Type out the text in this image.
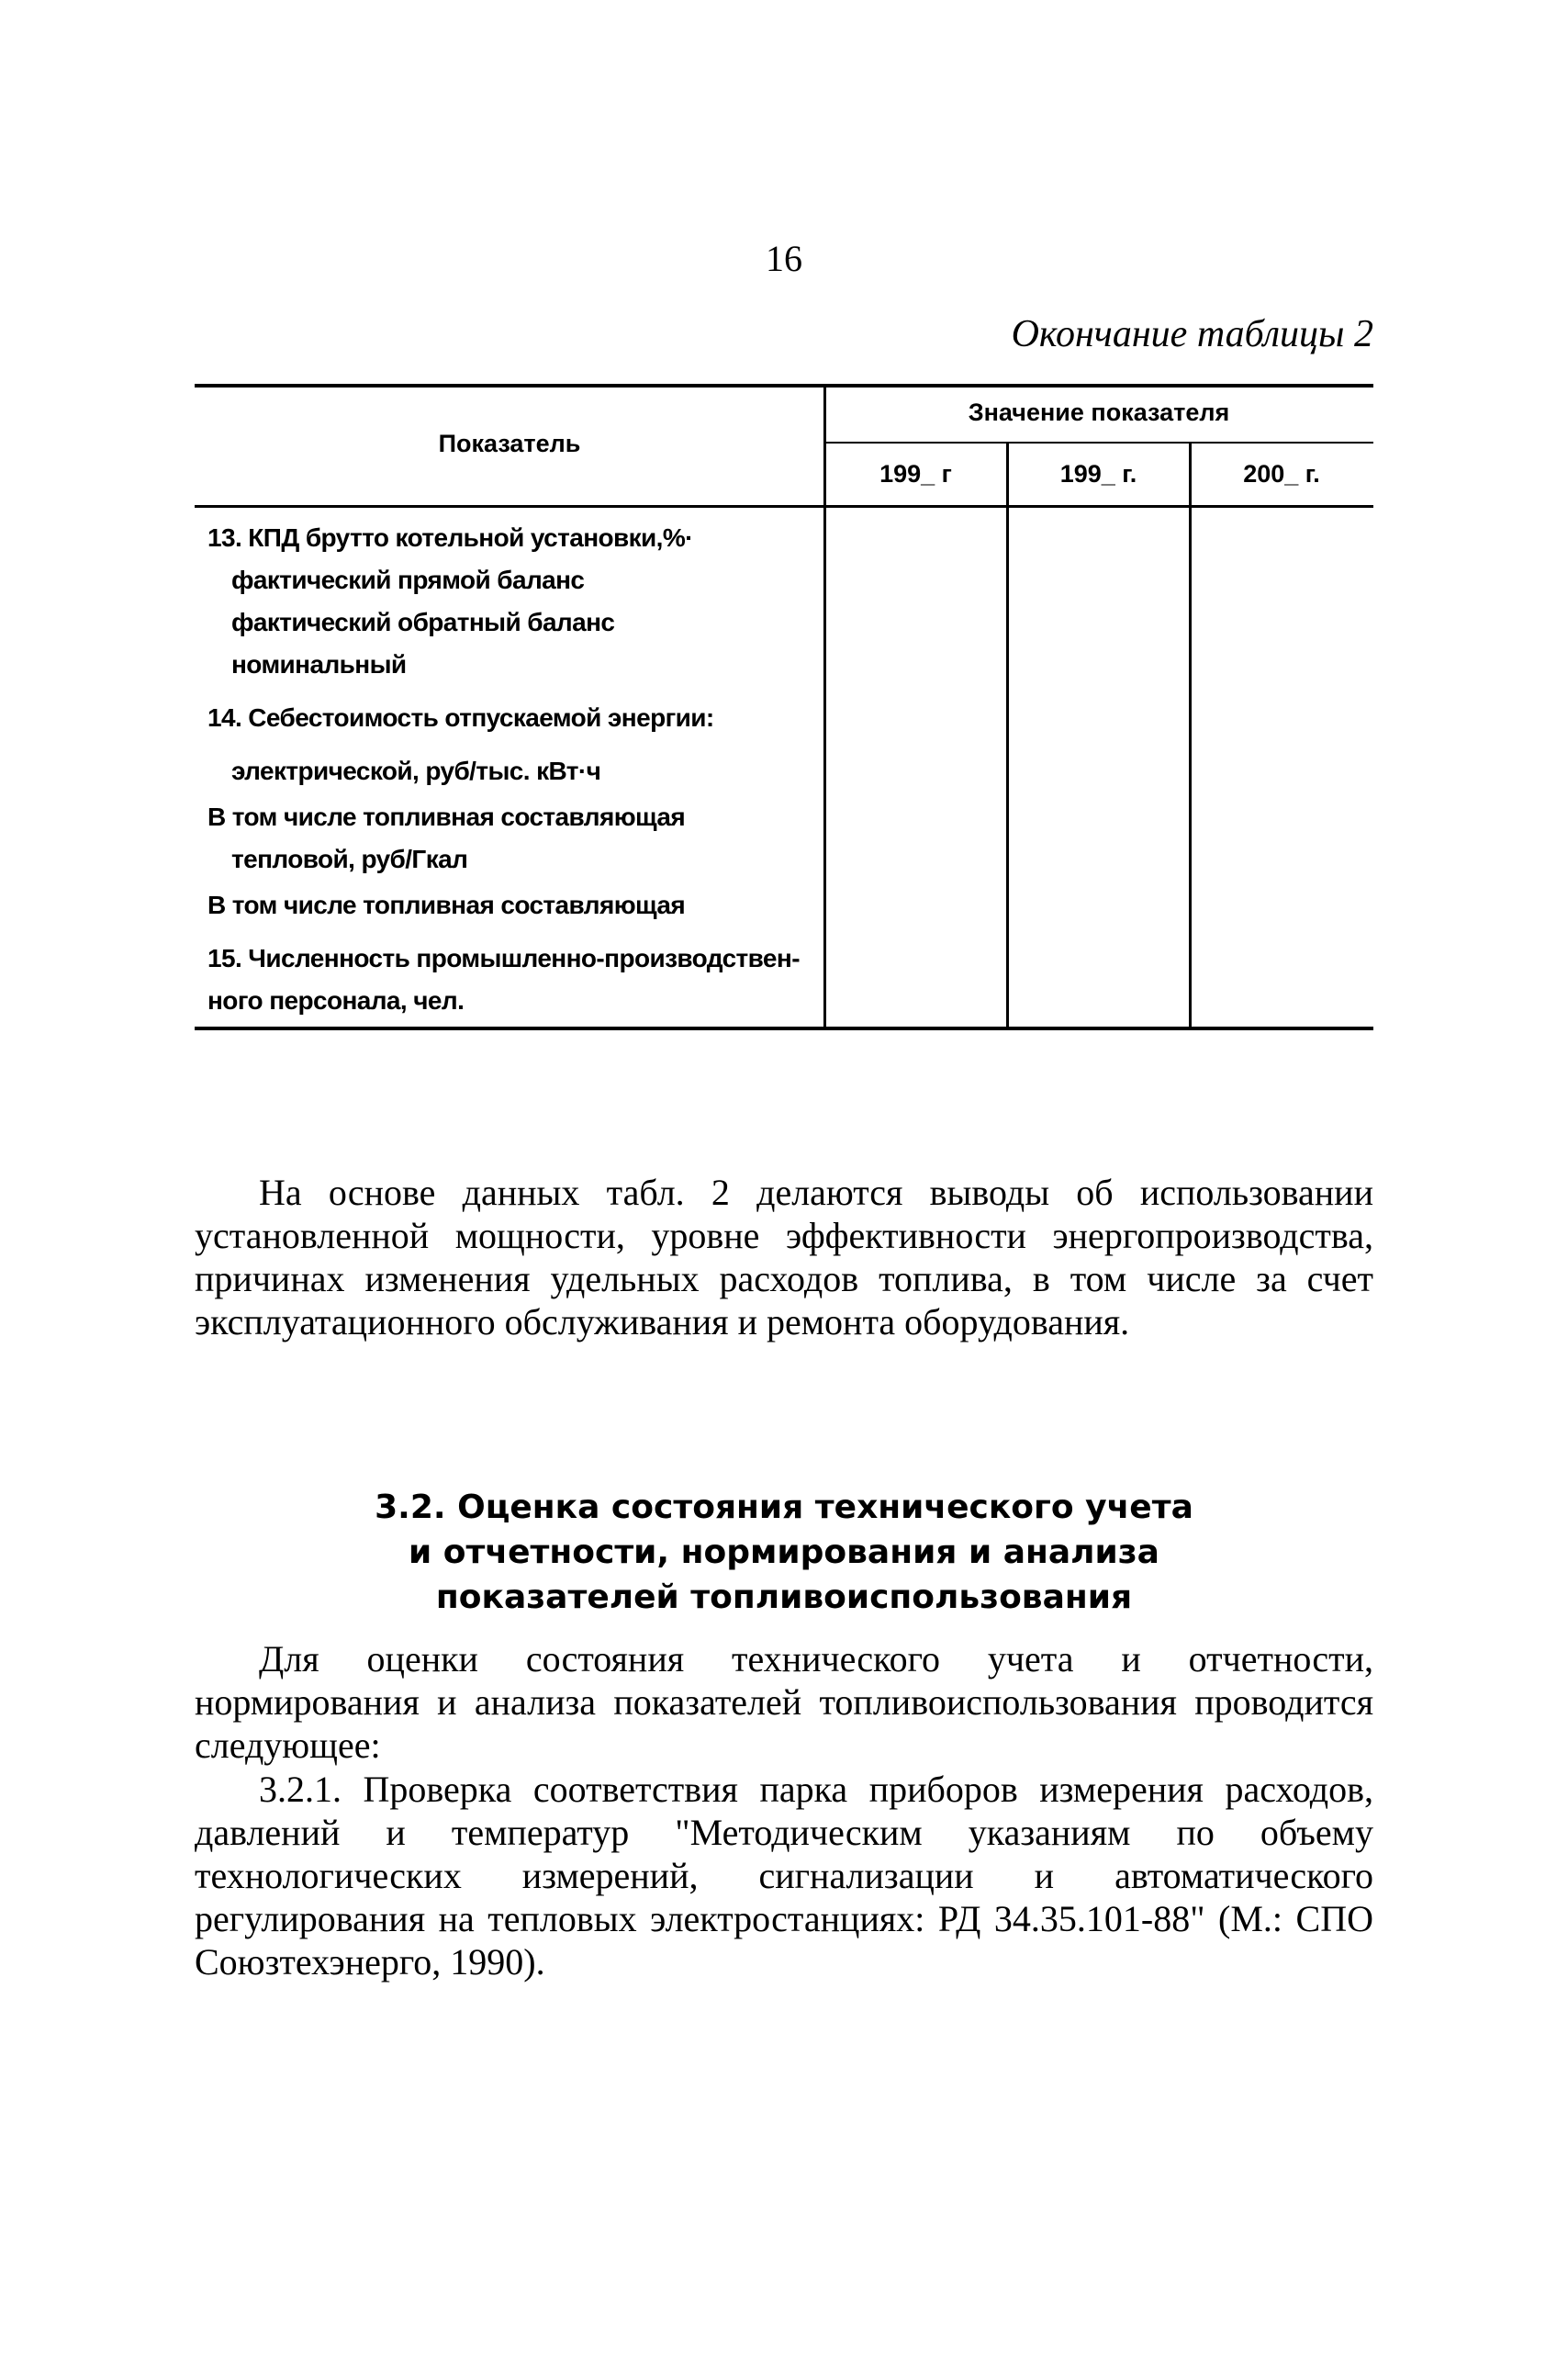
16
Окончание таблицы 2
Показатель
Значение показателя
199_ г	199_ г.	200_ г.
13. КПД брутто котельной установки,%·
фактический прямой баланс
фактический обратный баланс
номинальный
14. Себестоимость отпускаемой энергии:
электрической, руб/тыс. кВт·ч
В том числе топливная составляющая
тепловой, руб/Гкал
В том числе топливная составляющая
15. Численность промышленно-производствен-
ного персонала, чел.

На основе данных табл. 2 делаются выводы об использовании установленной мощности, уровне эффективности энергопроизводства, причинах изменения удельных расходов топлива, в том числе за счет эксплуатационного обслуживания и ремонта оборудования.

3.2. Оценка состояния технического учета
и отчетности, нормирования и анализа
показателей топливоиспользования

Для оценки состояния технического учета и отчетности, нормирования и анализа показателей топливоиспользования проводится следующее:

3.2.1. Проверка соответствия парка приборов измерения расходов, давлений и температур "Методическим указаниям по объему технологических измерений, сигнализации и автоматического регулирования на тепловых электростанциях: РД 34.35.101-88" (М.: СПО Союзтехэнерго, 1990).
